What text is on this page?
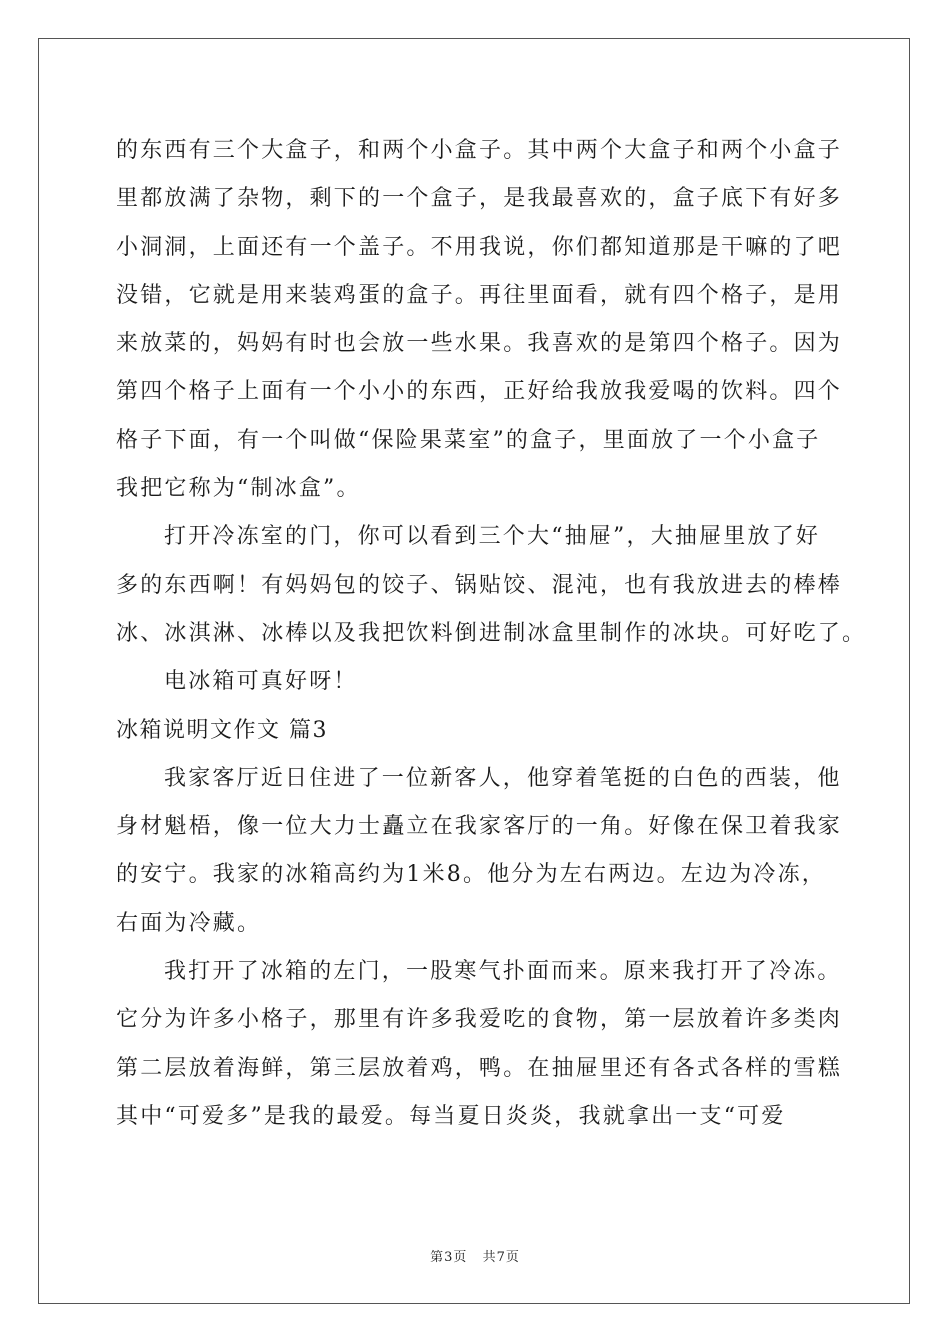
的东西有三个大盒子，和两个小盒子。其中两个大盒子和两个小盒子
里都放满了杂物，剩下的一个盒子，是我最喜欢的，盒子底下有好多
小洞洞，上面还有一个盖子。不用我说，你们都知道那是干嘛的了吧
没错，它就是用来装鸡蛋的盒子。再往里面看，就有四个格子，是用
来放菜的，妈妈有时也会放一些水果。我喜欢的是第四个格子。因为
第四个格子上面有一个小小的东西，正好给我放我爱喝的饮料。四个
格子下面，有一个叫做“保险果菜室”的盒子，里面放了一个小盒子
我把它称为“制冰盒”。
打开冷冻室的门，你可以看到三个大“抽屉”，大抽屉里放了好
多的东西啊！有妈妈包的饺子、锅贴饺、混沌，也有我放进去的棒棒
冰、冰淇淋、冰棒以及我把饮料倒进制冰盒里制作的冰块。可好吃了。
电冰箱可真好呀！
冰箱说明文作文 篇3
我家客厅近日住进了一位新客人，他穿着笔挺的白色的西装，他
身材魁梧，像一位大力士矗立在我家客厅的一角。好像在保卫着我家
的安宁。我家的冰箱高约为1米8。他分为左右两边。左边为冷冻，
右面为冷藏。
我打开了冰箱的左门，一股寒气扑面而来。原来我打开了冷冻。
它分为许多小格子，那里有许多我爱吃的食物，第一层放着许多类肉
第二层放着海鲜，第三层放着鸡，鸭。在抽屉里还有各式各样的雪糕
其中“可爱多”是我的最爱。每当夏日炎炎，我就拿出一支“可爱
第3页 共7页
